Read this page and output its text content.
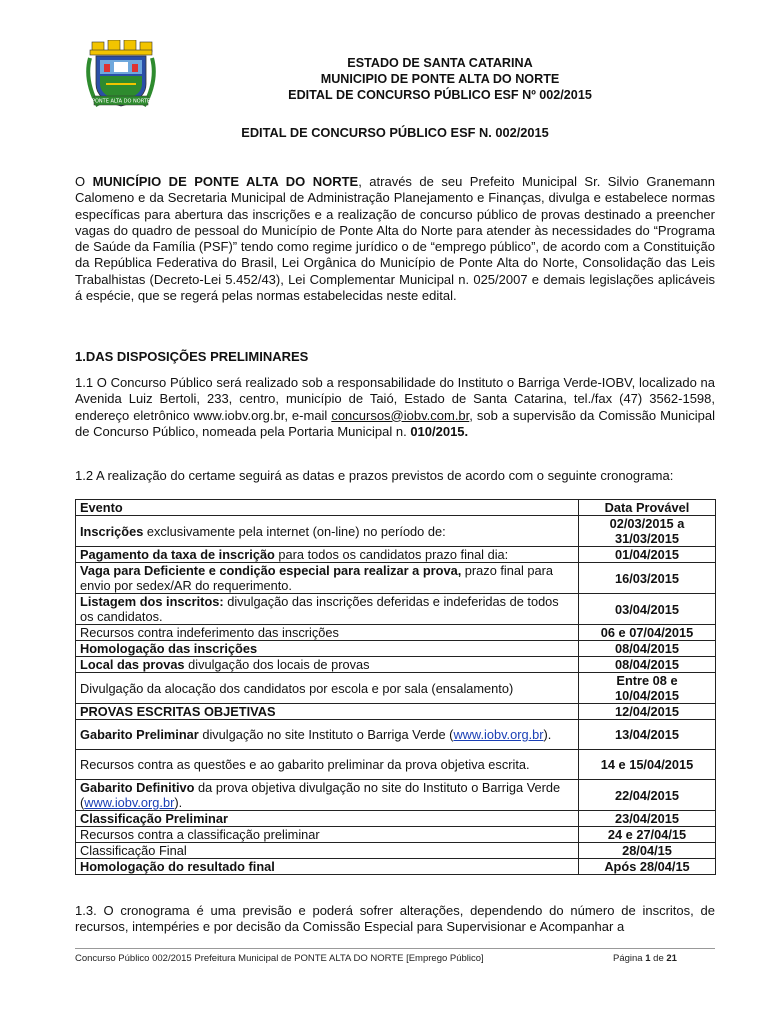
PONTE ALTA DO NORTE
ESTADO DE SANTA CATARINA
MUNICIPIO DE PONTE ALTA DO NORTE
EDITAL DE CONCURSO PÚBLICO ESF Nº 002/2015
EDITAL DE CONCURSO PÚBLICO ESF N. 002/2015
O MUNICÍPIO DE PONTE ALTA DO NORTE, através de seu Prefeito Municipal Sr. Silvio Granemann Calomeno e da Secretaria Municipal de Administração Planejamento e Finanças, divulga e estabelece normas específicas para abertura das inscrições e a realização de concurso público de provas destinado a preencher vagas do quadro de pessoal do Município de Ponte Alta do Norte para atender às necessidades do “Programa de Saúde da Família (PSF)” tendo como regime jurídico o de “emprego público”, de acordo com a Constituição da República Federativa do Brasil, Lei Orgânica do Município de Ponte Alta do Norte, Consolidação das Leis Trabalhistas (Decreto-Lei 5.452/43), Lei Complementar Municipal n. 025/2007 e demais legislações aplicáveis á espécie, que se regerá pelas normas estabelecidas neste edital.
1.DAS DISPOSIÇÕES PRELIMINARES
1.1 O Concurso Público será realizado sob a responsabilidade do Instituto o Barriga Verde-IOBV, localizado na Avenida Luiz Bertoli, 233, centro, município de Taió, Estado de Santa Catarina, tel./fax (47) 3562-1598, endereço eletrônico www.iobv.org.br, e-mail concursos@iobv.com.br, sob a supervisão da Comissão Municipal de Concurso Público, nomeada pela Portaria Municipal n. 010/2015.
1.2 A realização do certame seguirá as datas e prazos previstos de acordo com o seguinte cronograma:
Evento	Data Provável
Inscrições exclusivamente pela internet (on-line) no período de:	02/03/2015 a 31/03/2015
Pagamento da taxa de inscrição para todos os candidatos prazo final dia:	01/04/2015
Vaga para Deficiente e condição especial para realizar a prova, prazo final para envio por sedex/AR do requerimento.	16/03/2015
Listagem dos inscritos: divulgação das inscrições deferidas e indeferidas de todos os candidatos.	03/04/2015
Recursos contra indeferimento das inscrições	06 e 07/04/2015
Homologação das inscrições	08/04/2015
Local das provas divulgação dos locais de provas	08/04/2015
Divulgação da alocação dos candidatos por escola e por sala (ensalamento)	Entre 08 e 10/04/2015
PROVAS ESCRITAS OBJETIVAS	12/04/2015
Gabarito Preliminar divulgação no site Instituto o Barriga Verde (www.iobv.org.br).	13/04/2015
Recursos contra as questões e ao gabarito preliminar da prova objetiva escrita.	14 e 15/04/2015
Gabarito Definitivo da prova objetiva divulgação no site do Instituto o Barriga Verde (www.iobv.org.br).	22/04/2015
Classificação Preliminar	23/04/2015
Recursos contra a classificação preliminar	24 e 27/04/15
Classificação Final	28/04/15
Homologação do resultado final	Após 28/04/15
1.3. O cronograma é uma previsão e poderá sofrer alterações, dependendo do número de inscritos, de recursos, intempéries e por decisão da Comissão Especial para Supervisionar e Acompanhar a
Concurso Público 002/2015 Prefeitura Municipal de PONTE ALTA DO NORTE [Emprego Público]	Página 1 de 21
